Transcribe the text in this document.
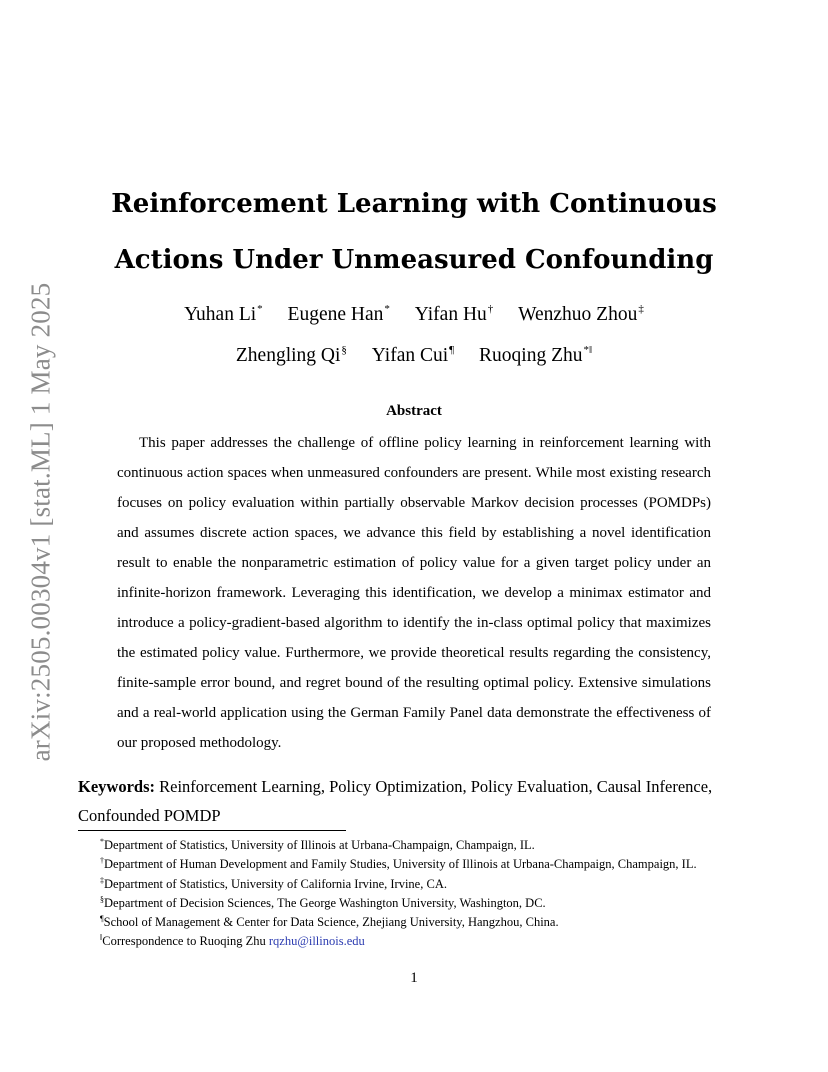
arXiv:2505.00304v1 [stat.ML] 1 May 2025
Reinforcement Learning with Continuous Actions Under Unmeasured Confounding
Yuhan Li* Eugene Han* Yifan Hu† Wenzhuo Zhou‡
Zhengling Qi§ Yifan Cui¶ Ruoqing Zhu*‖
Abstract
This paper addresses the challenge of offline policy learning in reinforcement learning with continuous action spaces when unmeasured confounders are present. While most existing research focuses on policy evaluation within partially observable Markov decision processes (POMDPs) and assumes discrete action spaces, we advance this field by establishing a novel identification result to enable the nonparametric estimation of policy value for a given target policy under an infinite-horizon framework. Leveraging this identification, we develop a minimax estimator and introduce a policy-gradient-based algorithm to identify the in-class optimal policy that maximizes the estimated policy value. Furthermore, we provide theoretical results regarding the consistency, finite-sample error bound, and regret bound of the resulting optimal policy. Extensive simulations and a real-world application using the German Family Panel data demonstrate the effectiveness of our proposed methodology.
Keywords: Reinforcement Learning, Policy Optimization, Policy Evaluation, Causal Inference, Confounded POMDP
*Department of Statistics, University of Illinois at Urbana-Champaign, Champaign, IL.
†Department of Human Development and Family Studies, University of Illinois at Urbana-Champaign, Champaign, IL.
‡Department of Statistics, University of California Irvine, Irvine, CA.
§Department of Decision Sciences, The George Washington University, Washington, DC.
¶School of Management & Center for Data Science, Zhejiang University, Hangzhou, China.
‖Correspondence to Ruoqing Zhu rqzhu@illinois.edu
1
